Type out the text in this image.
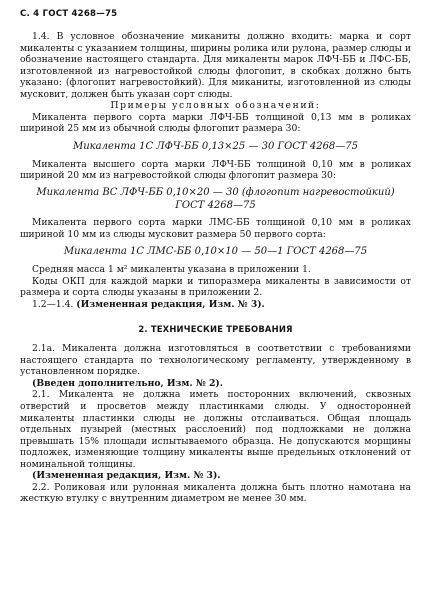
С. 4 ГОСТ 4268—75

1.4. В условное обозначение миканиты должно входить: марка и сорт микаленты с указанием толщины, ширины ролика или рулона, размер слюды и обозначение настоящего стандарта. Для микаленты марок ЛФЧ-ББ и ЛФС-ББ, изготовленной из нагревостойкой слюды флогопит, в скобках должно быть указано: (флогопит нагревостойкий). Для миканиты, изготовленной из слюды мусковит, должен быть указан сорт слюды.

Примеры условных обозначений:

Микалента первого сорта марки ЛФЧ-ББ толщиной 0,13 мм в роликах шириной 25 мм из обычной слюды флогопит размера 30:

Микалента 1С ЛФЧ-ББ 0,13×25 — 30 ГОСТ 4268—75

Микалента высшего сорта марки ЛФЧ-ББ толщиной 0,10 мм в роликах шириной 20 мм из нагревостойкой слюды флогопит размера 30:

Микалента ВС ЛФЧ-ББ 0,10×20 — 30 (флогопит нагревостойкий)
ГОСТ 4268—75

Микалента первого сорта марки ЛМС-ББ толщиной 0,10 мм в роликах шириной 10 мм из слюды мусковит размера 50 первого сорта:

Микалента 1С ЛМС-ББ 0,10×10 — 50—1 ГОСТ 4268—75

Средняя масса 1 м² микаленты указана в приложении 1.

Коды ОКП для каждой марки и типоразмера микаленты в зависимости от размера и сорта слюды указаны в приложении 2.

1.2—1.4. (Измененная редакция, Изм. № 3).

2. ТЕХНИЧЕСКИЕ ТРЕБОВАНИЯ

2.1а. Микалента должна изготовляться в соответствии с требованиями настоящего стандарта по технологическому регламенту, утвержденному в установленном порядке.

(Введен дополнительно, Изм. № 2).

2.1. Микалента не должна иметь посторонних включений, сквозных отверстий и просветов между пластинками слюды. У односторонней микаленты пластинки слюды не должны отслаиваться. Общая площадь отдельных пузырей (местных расслоений) под подложками не должна превышать 15% площади испытываемого образца. Не допускаются морщины подложек, изменяющие толщину микаленты выше предельных отклонений от номинальной толщины.

(Измененная редакция, Изм. № 3).

2.2. Роликовая или рулонная микалента должна быть плотно намотана на жесткую втулку с внутренним диаметром не менее 30 мм.
